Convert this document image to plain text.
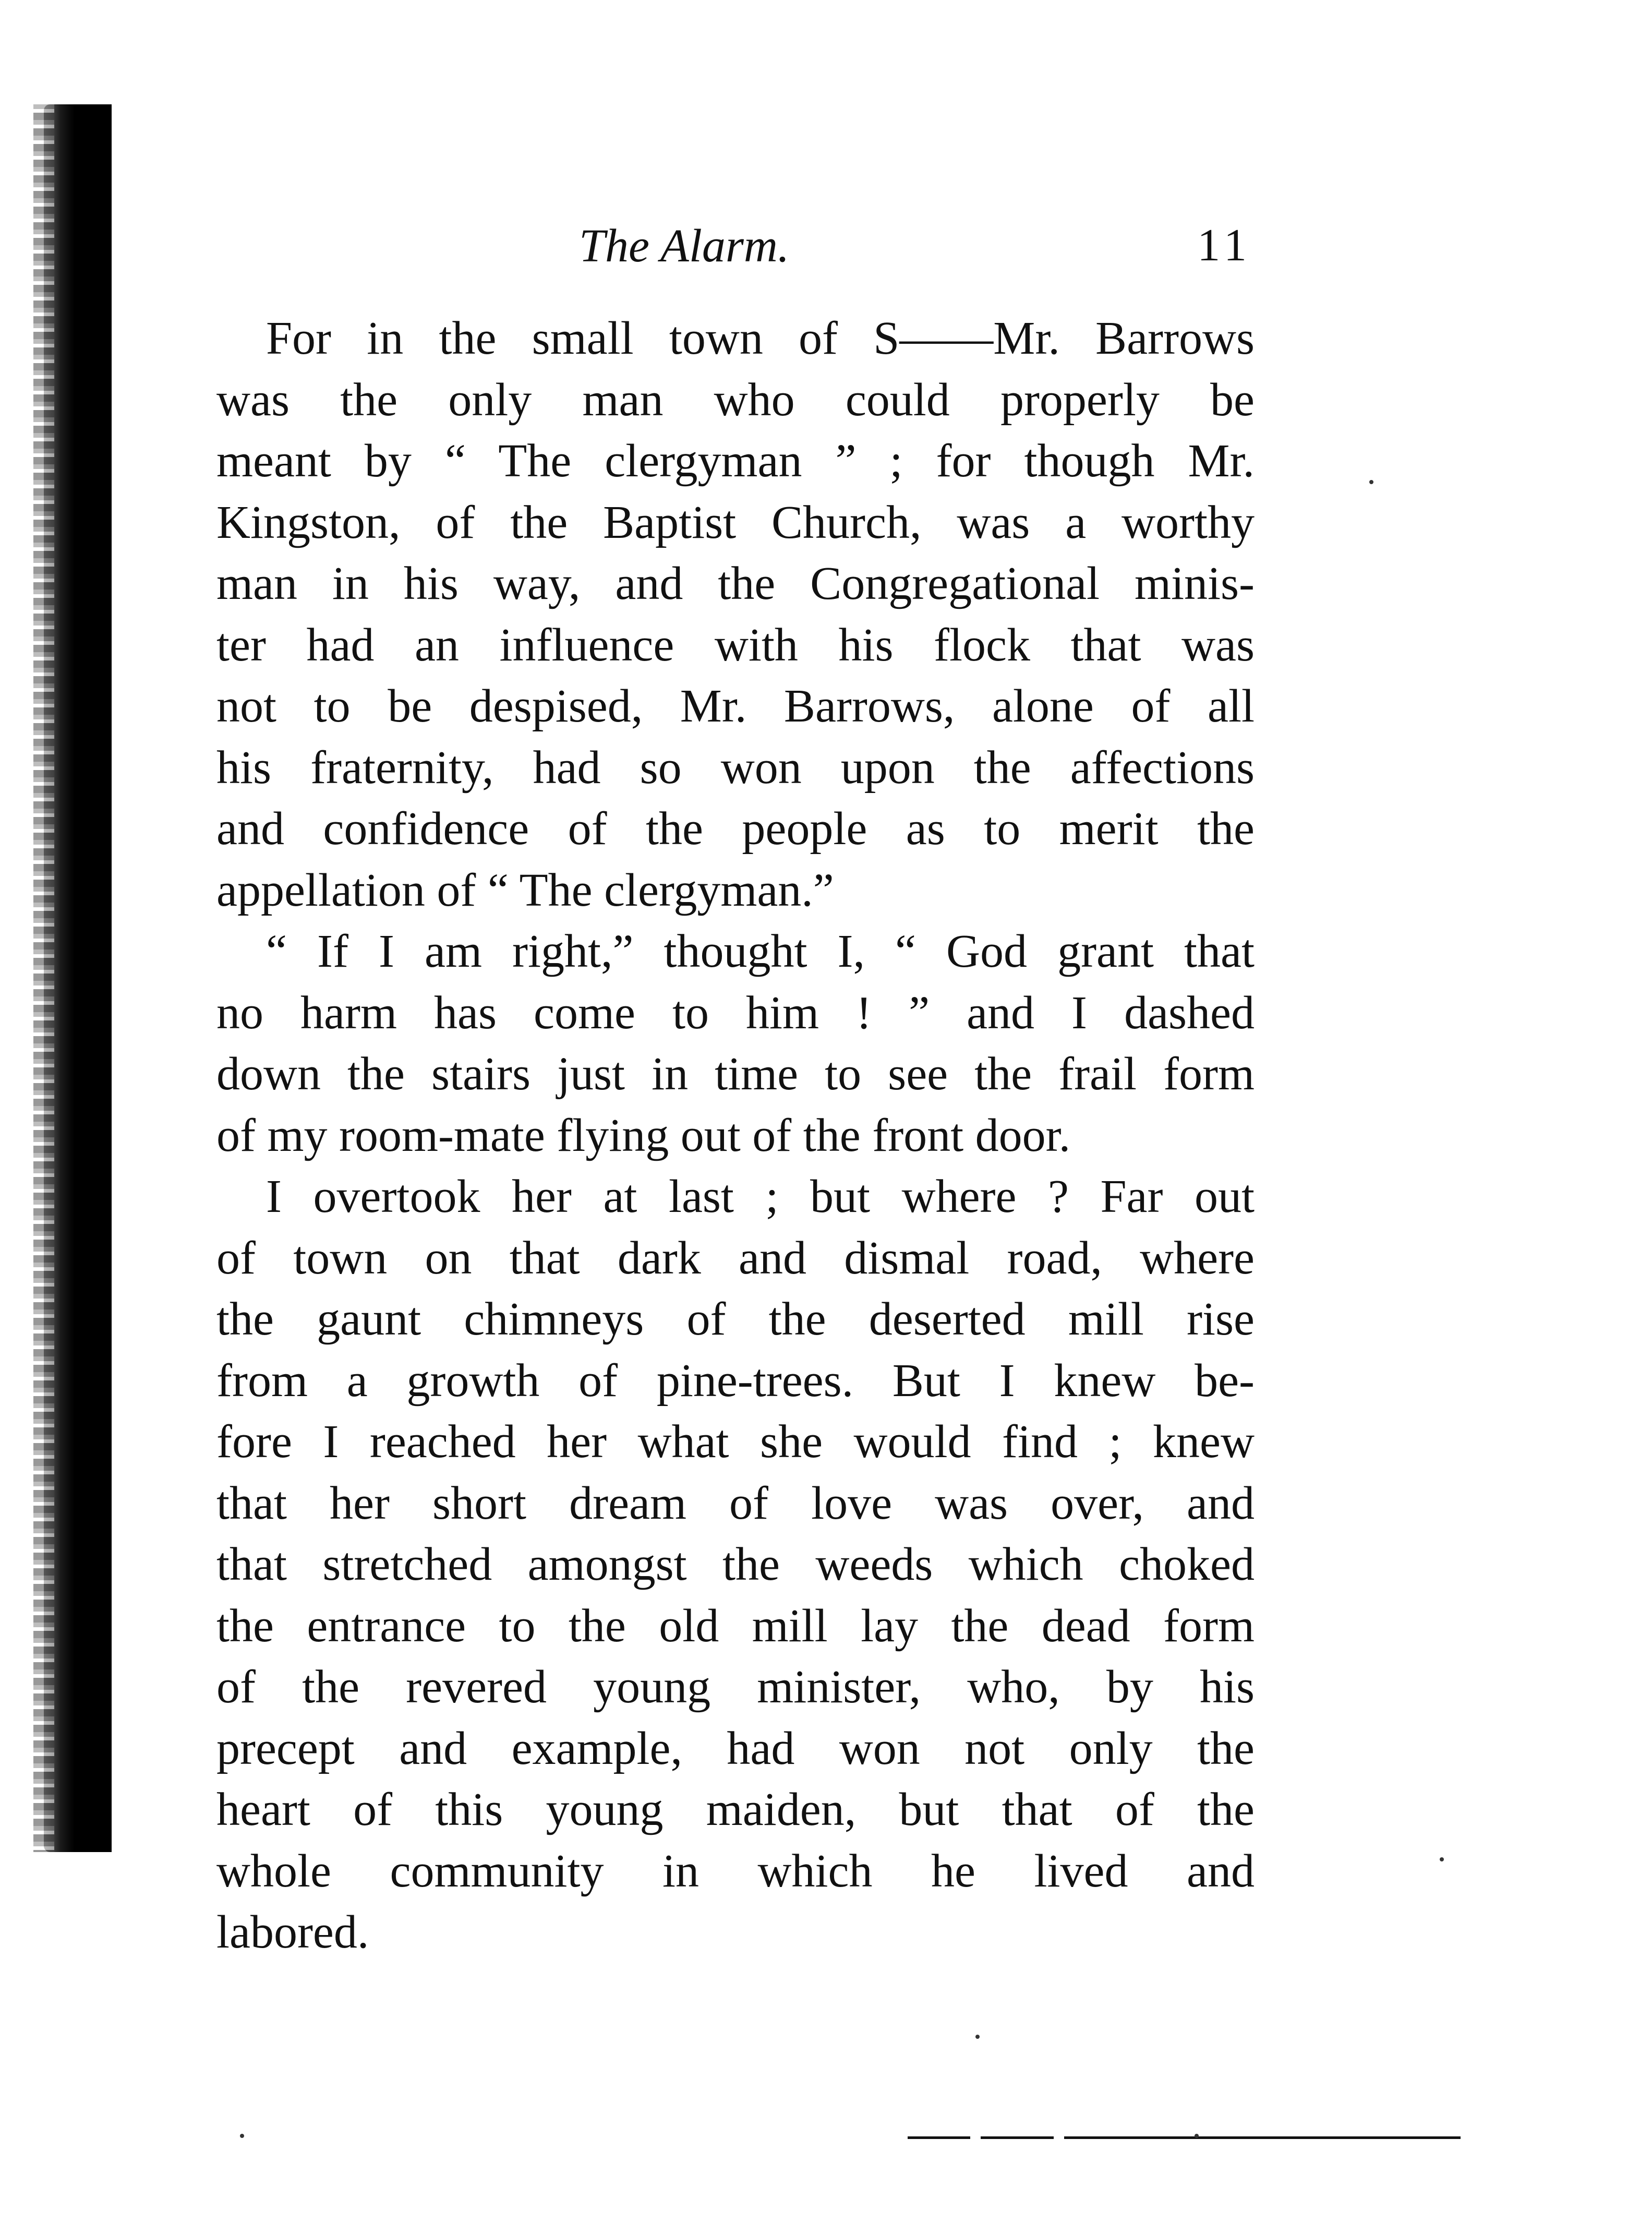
The Alarm.	11
For in the small town of S——Mr. Barrows
was the only man who could properly be
meant by “ The clergyman ” ; for though Mr.
Kingston, of the Baptist Church, was a worthy
man in his way, and the Congregational minis-
ter had an influence with his flock that was
not to be despised, Mr. Barrows, alone of all
his fraternity, had so won upon the affections
and confidence of the people as to merit the
appellation of “ The clergyman.”
“ If I am right,” thought I, “ God grant that
no harm has come to him ! ” and I dashed
down the stairs just in time to see the frail form
of my room-mate flying out of the front door.
I overtook her at last ; but where ? Far out
of town on that dark and dismal road, where
the gaunt chimneys of the deserted mill rise
from a growth of pine-trees. But I knew be-
fore I reached her what she would find ; knew
that her short dream of love was over, and
that stretched amongst the weeds which choked
the entrance to the old mill lay the dead form
of the revered young minister, who, by his
precept and example, had won not only the
heart of this young maiden, but that of the
whole community in which he lived and
labored.
